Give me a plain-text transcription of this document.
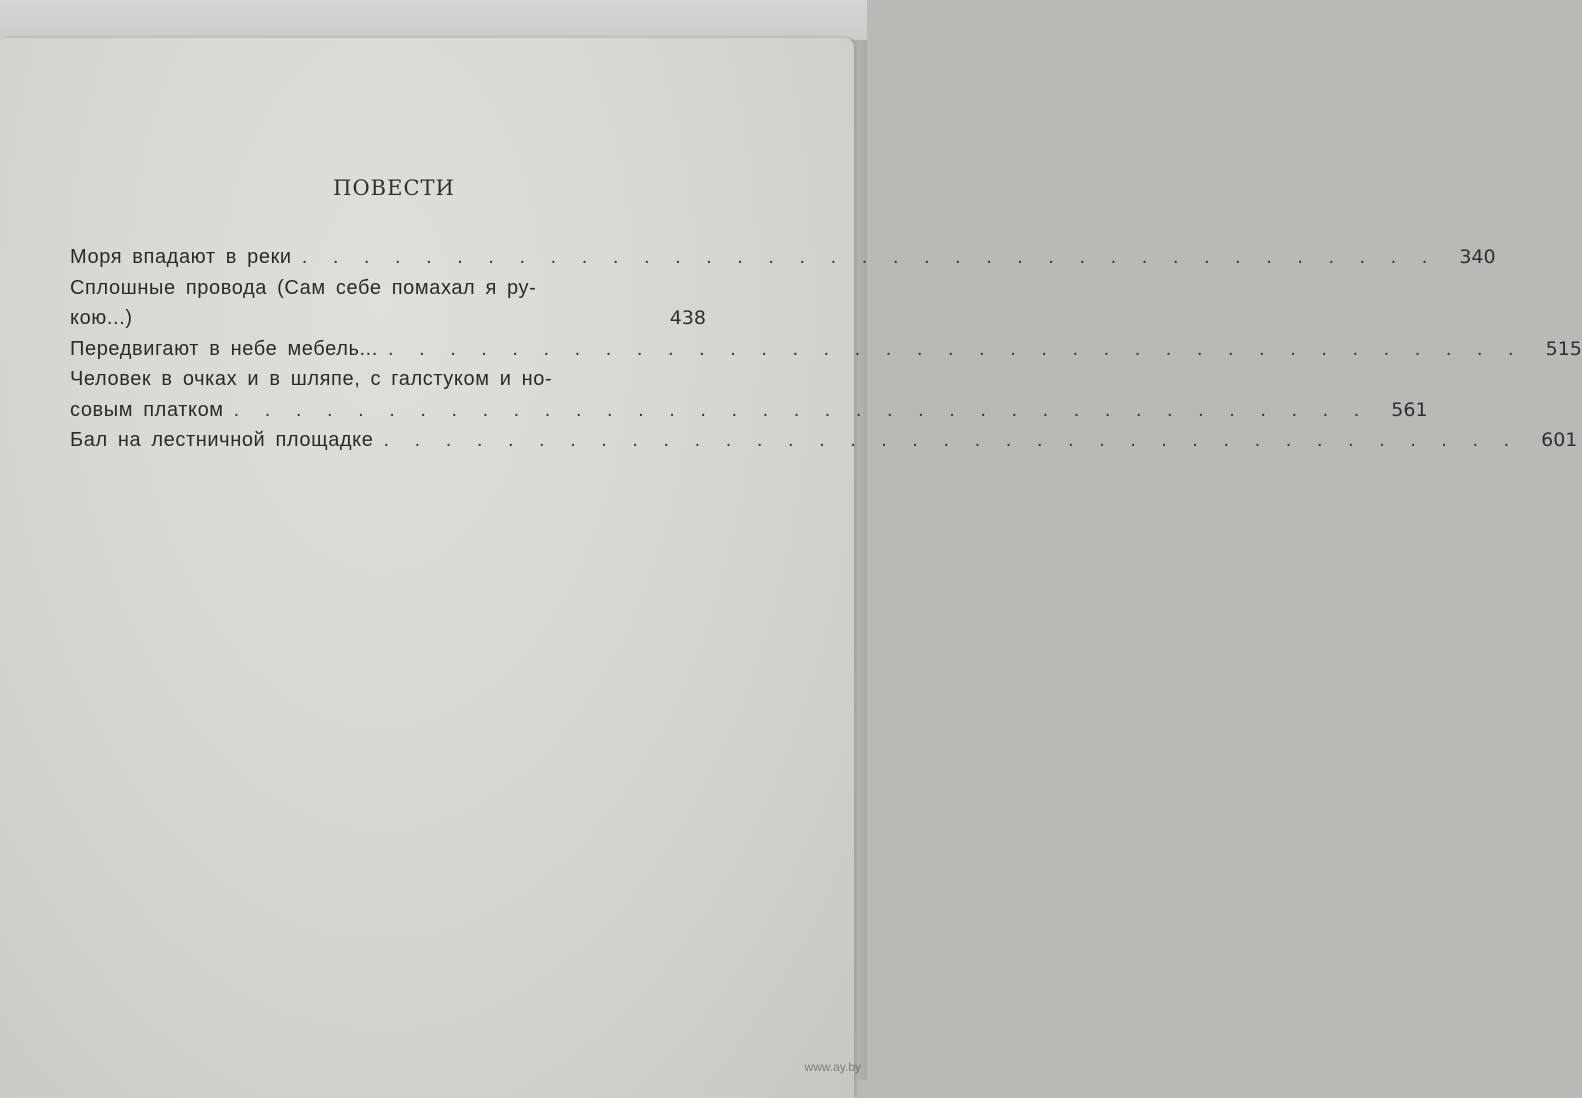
ПОВЕСТИ
Моря впадают в реки . . . . . . . . . . . . . . . . . . . . . . . . . . . . . . . . . . . . . 340
Сплошные провода (Сам себе помахал я ру-
кою...)	438
Передвигают в небе мебель... . . . . . . . . . . . . . . . . . . . . . . . . . . . . . . . . . . . . . 515
Человек в очках и в шляпе, с галстуком и но-
совым платком . . . . . . . . . . . . . . . . . . . . . . . . . . . . . . . . . . . . . 561
Бал на лестничной площадке . . . . . . . . . . . . . . . . . . . . . . . . . . . . . . . . . . . . . 601
www.ay.by
